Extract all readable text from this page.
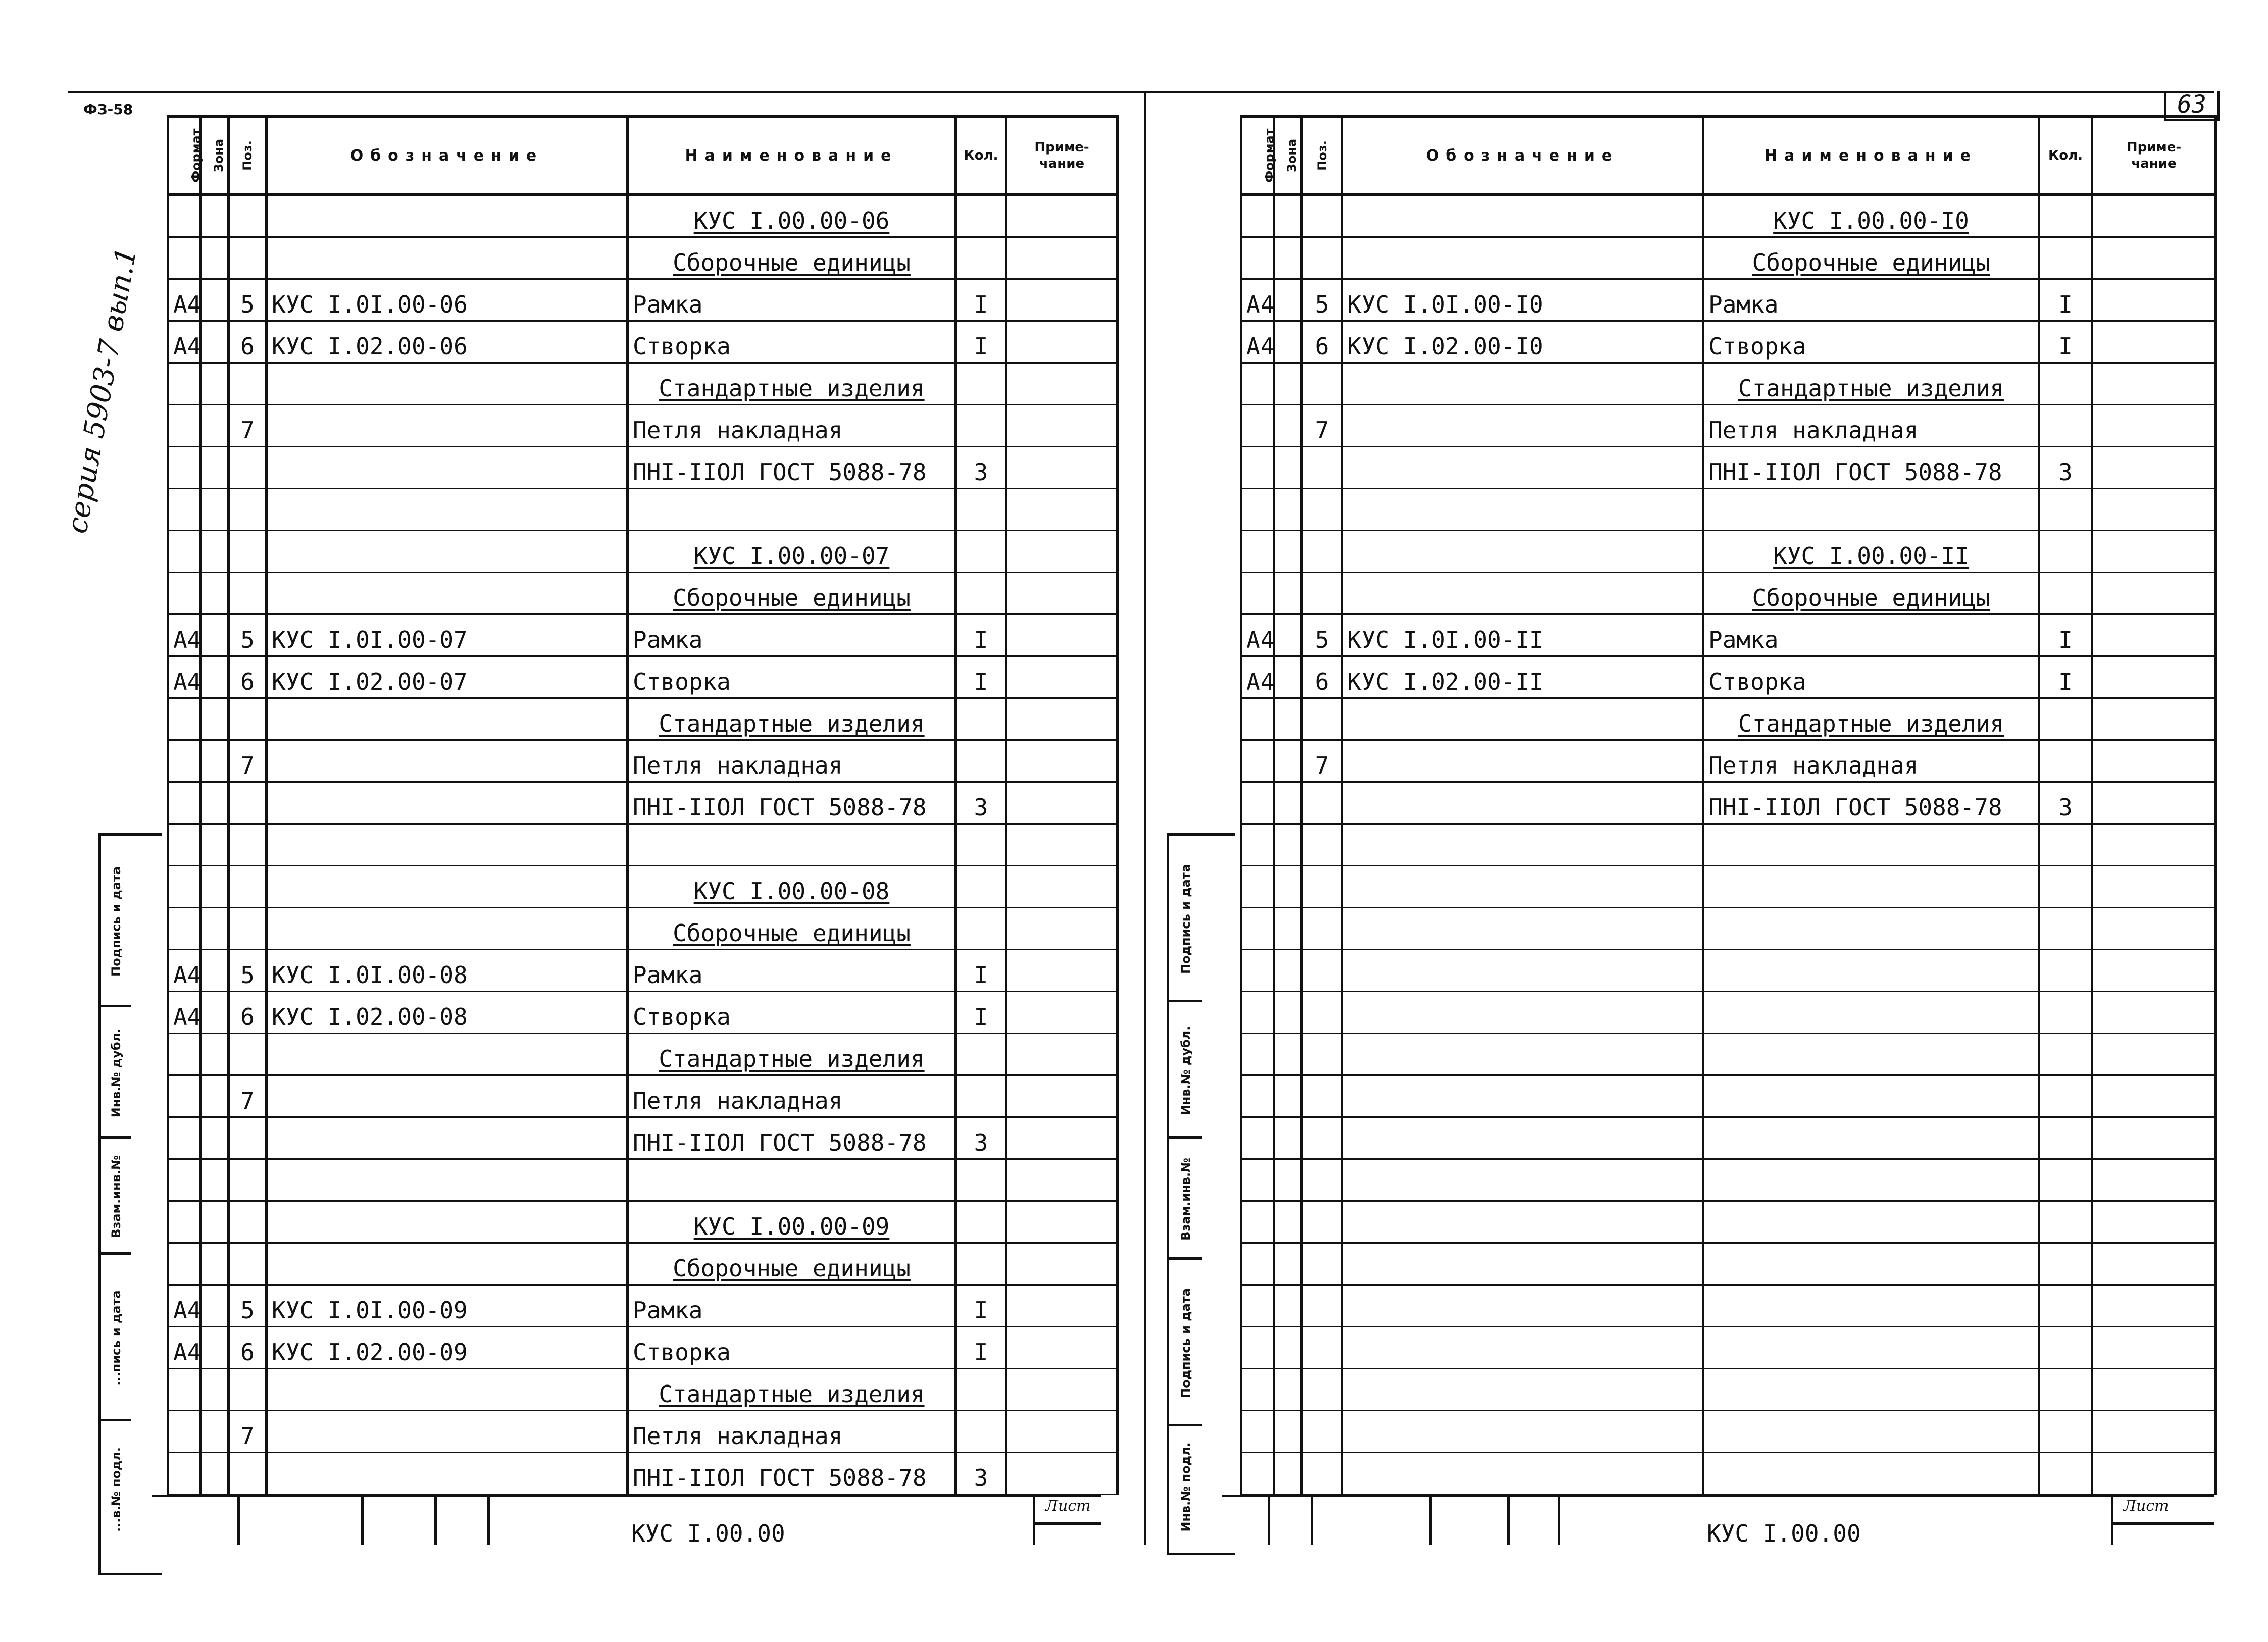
ФЗ-58	63
серия 5903-7 вып.1
Формат	Зона	Поз.	Обозначение	Наименование	Кол.	Приме-
чание
				КУС I.00.00-06		
				Сборочные единицы		
А4		5	КУС I.0I.00-06	Рамка	I	
А4		6	КУС I.02.00-06	Створка	I	
				Стандартные изделия		
		7		Петля накладная		
				ПНI-IIОЛ ГОСТ 5088-78	3	

				КУС I.00.00-07		
				Сборочные единицы		
А4		5	КУС I.0I.00-07	Рамка	I	
А4		6	КУС I.02.00-07	Створка	I	
				Стандартные изделия		
		7		Петля накладная		
				ПНI-IIОЛ ГОСТ 5088-78	3	

				КУС I.00.00-08		
				Сборочные единицы		
А4		5	КУС I.0I.00-08	Рамка	I	
А4		6	КУС I.02.00-08	Створка	I	
				Стандартные изделия		
		7		Петля накладная		
				ПНI-IIОЛ ГОСТ 5088-78	3	

				КУС I.00.00-09		
				Сборочные единицы		
А4		5	КУС I.0I.00-09	Рамка	I	
А4		6	КУС I.02.00-09	Створка	I	
				Стандартные изделия		
		7		Петля накладная		
				ПНI-IIОЛ ГОСТ 5088-78	3	
Подпись и дата
Инв.№ дубл.
Взам.инв.№
...пись и дата
...в.№ подл.	Лист
КУС I.00.00
Формат	Зона	Поз.	Обозначение	Наименование	Кол.	Приме-
чание
				КУС I.00.00-I0		
				Сборочные единицы		
А4		5	КУС I.0I.00-I0	Рамка	I	
А4		6	КУС I.02.00-I0	Створка	I	
				Стандартные изделия		
		7		Петля накладная		
				ПНI-IIОЛ ГОСТ 5088-78	3	

				КУС I.00.00-II		
				Сборочные единицы		
А4		5	КУС I.0I.00-II	Рамка	I	
А4		6	КУС I.02.00-II	Створка	I	
				Стандартные изделия		
		7		Петля накладная		
				ПНI-IIОЛ ГОСТ 5088-78	3	

Подпись и дата
Инв.№ дубл.
Взам.инв.№
Подпись и дата
Инв.№ подл.	Лист
КУС I.00.00
